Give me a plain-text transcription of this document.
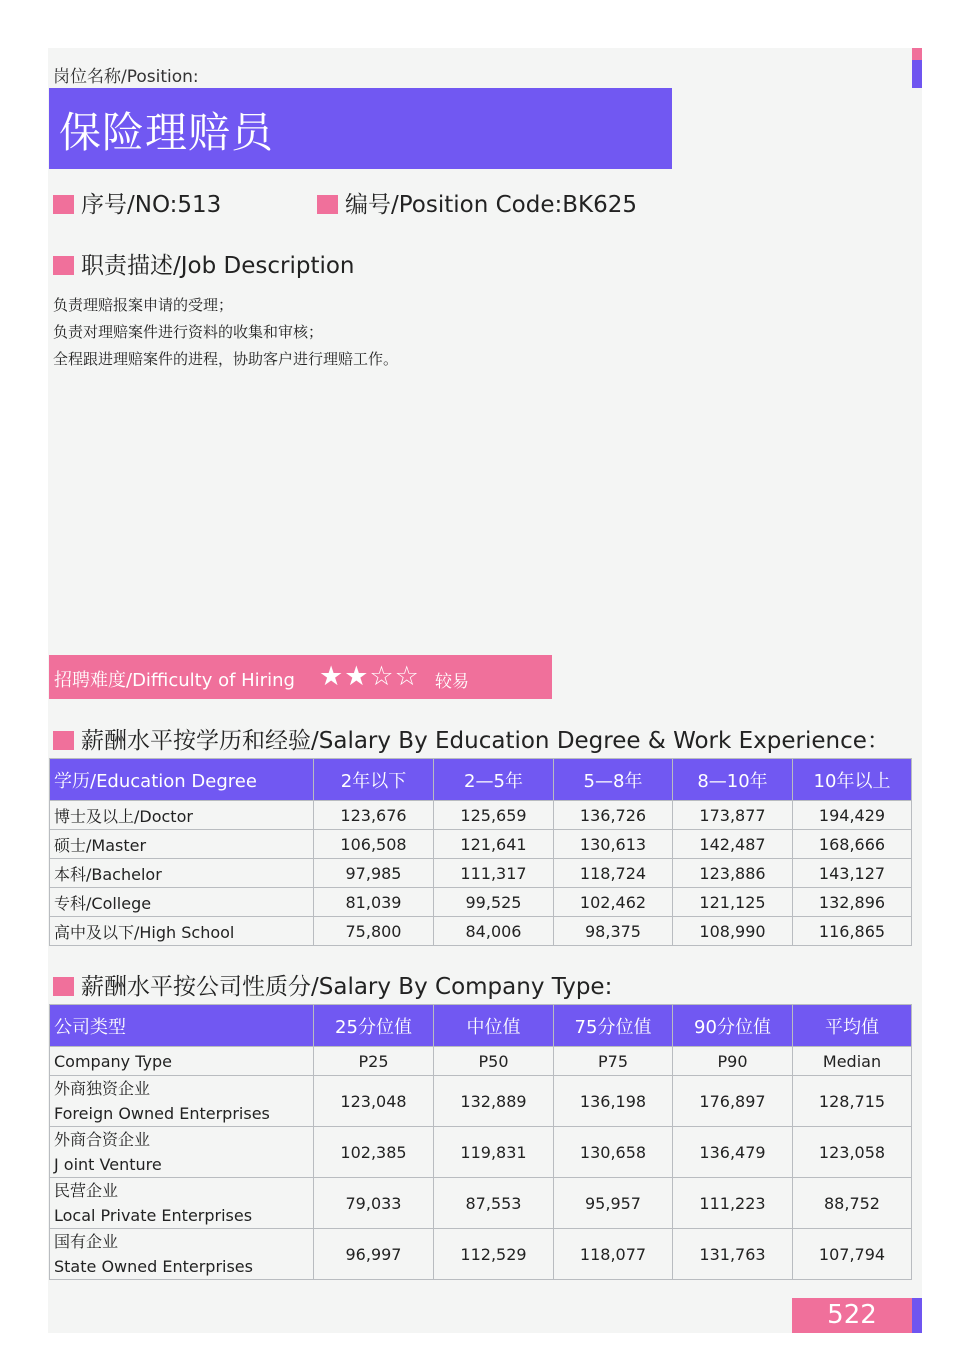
岗位名称/Position:
保险理赔员
序号/NO:513	编号/Position Code:BK625
职责描述/Job Description
负责理赔报案申请的受理；
负责对理赔案件进行资料的收集和审核；
全程跟进理赔案件的进程，协助客户进行理赔工作。
招聘难度/Difficulty of Hiring ★★☆☆ 较易
薪酬水平按学历和经验/Salary By Education Degree & Work Experience：
学历/Education Degree	2年以下	2—5年	5—8年	8—10年	10年以上
博士及以上/Doctor	123,676	125,659	136,726	173,877	194,429
硕士/Master	106,508	121,641	130,613	142,487	168,666
本科/Bachelor	97,985	111,317	118,724	123,886	143,127
专科/College	81,039	99,525	102,462	121,125	132,896
高中及以下/High School	75,800	84,006	98,375	108,990	116,865
薪酬水平按公司性质分/Salary By Company Type:
公司类型	25分位值	中位值	75分位值	90分位值	平均值
Company Type	P25	P50	P75	P90	Median

外商独资企业
Foreign Owned Enterprises	123,048	132,889	136,198	176,897	128,715

外商合资企业
J oint Venture	102,385	119,831	130,658	136,479	123,058

民营企业
Local Private Enterprises	79,033	87,553	95,957	111,223	88,752

国有企业
State Owned Enterprises	96,997	112,529	118,077	131,763	107,794
522
